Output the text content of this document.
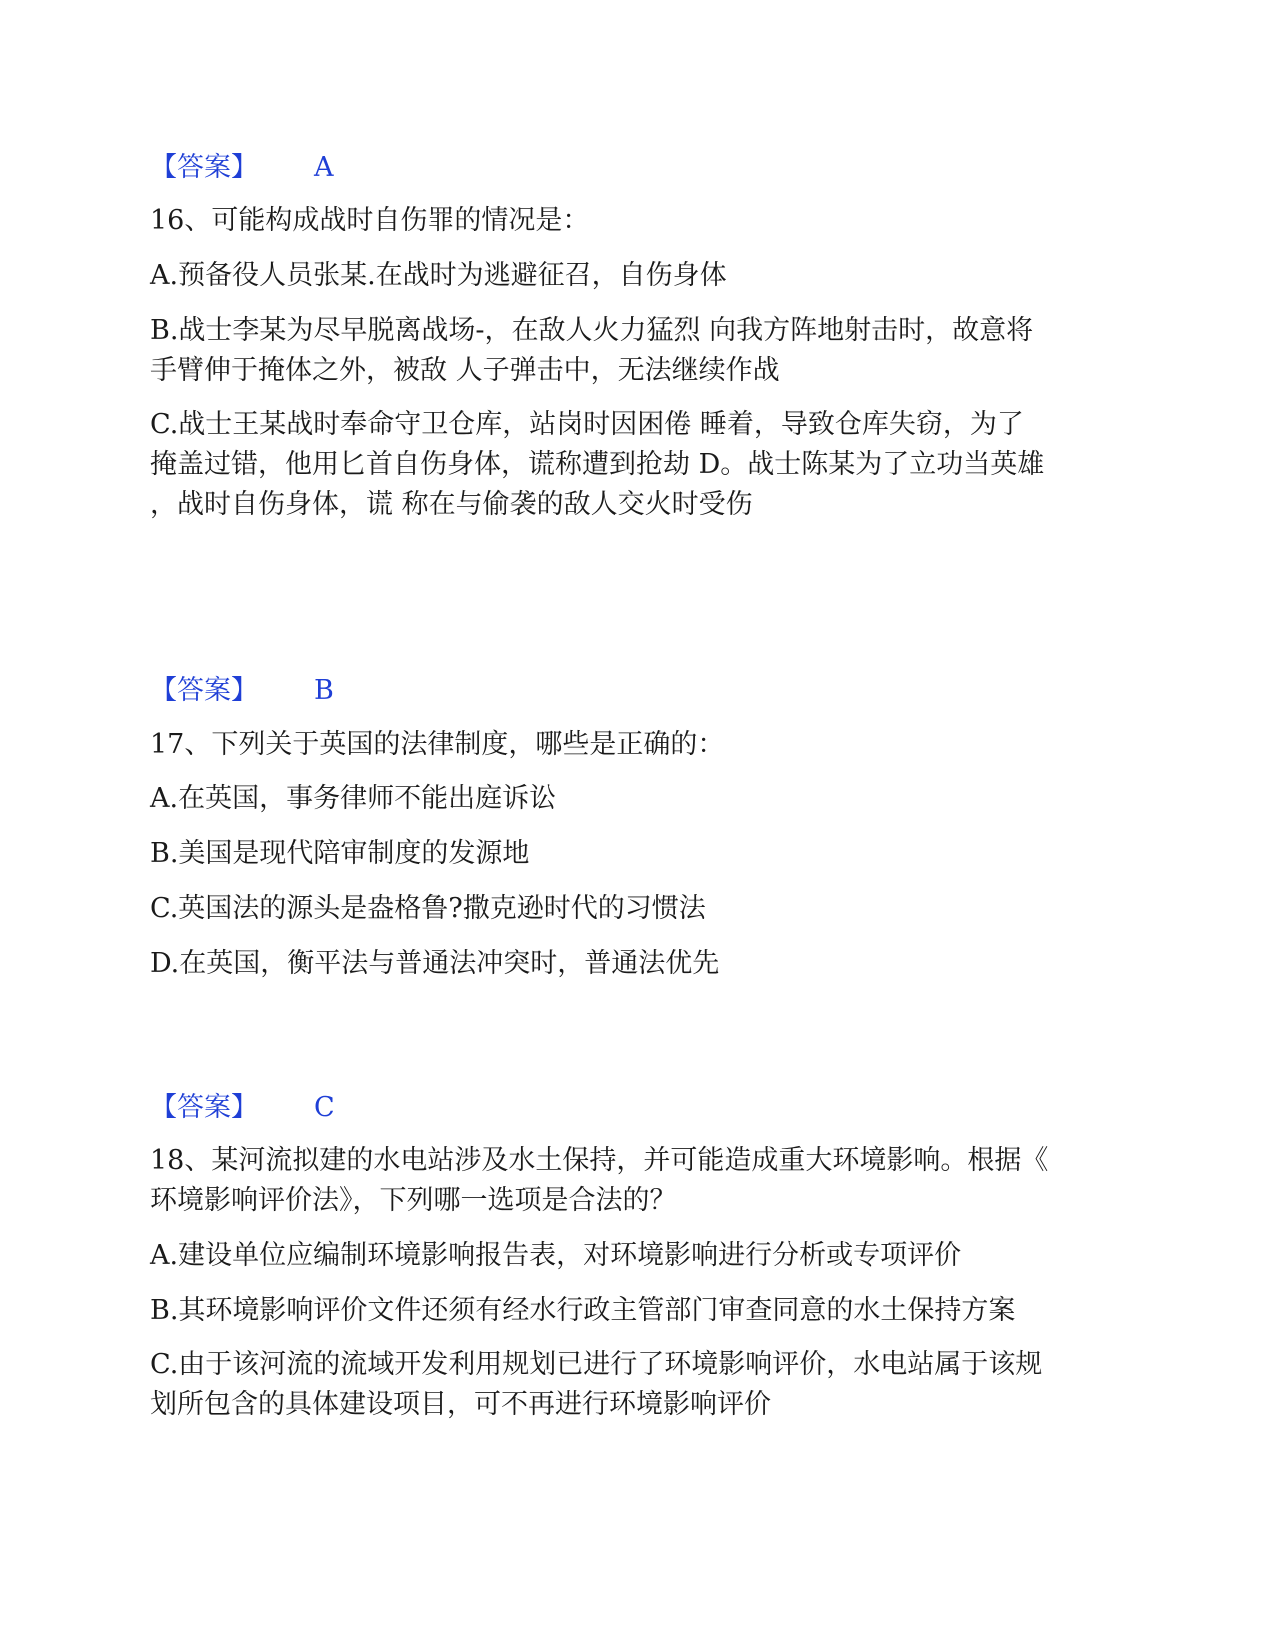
【答案】 A
16、可能构成战时自伤罪的情况是：
A.预备役人员张某.在战时为逃避征召，自伤身体
B.战士李某为尽早脱离战场-，在敌人火力猛烈 向我方阵地射击时，故意将
手臂伸于掩体之外，被敌 人子弹击中，无法继续作战
C.战士王某战时奉命守卫仓库，站岗时因困倦 睡着，导致仓库失窃，为了
掩盖过错，他用匕首自伤身体，谎称遭到抢劫 D。战士陈某为了立功当英雄
，战时自伤身体，谎 称在与偷袭的敌人交火时受伤
【答案】 B
17、下列关于英国的法律制度，哪些是正确的：
A.在英国，事务律师不能出庭诉讼
B.美国是现代陪审制度的发源地
C.英国法的源头是盎格鲁?撒克逊时代的习惯法
D.在英国，衡平法与普通法冲突时，普通法优先
【答案】 C
18、某河流拟建的水电站涉及水土保持，并可能造成重大环境影响。根据《
环境影响评价法》，下列哪一选项是合法的？
A.建设单位应编制环境影响报告表，对环境影响进行分析或专项评价
B.其环境影响评价文件还须有经水行政主管部门审查同意的水土保持方案
C.由于该河流的流域开发利用规划已进行了环境影响评价，水电站属于该规
划所包含的具体建设项目，可不再进行环境影响评价
